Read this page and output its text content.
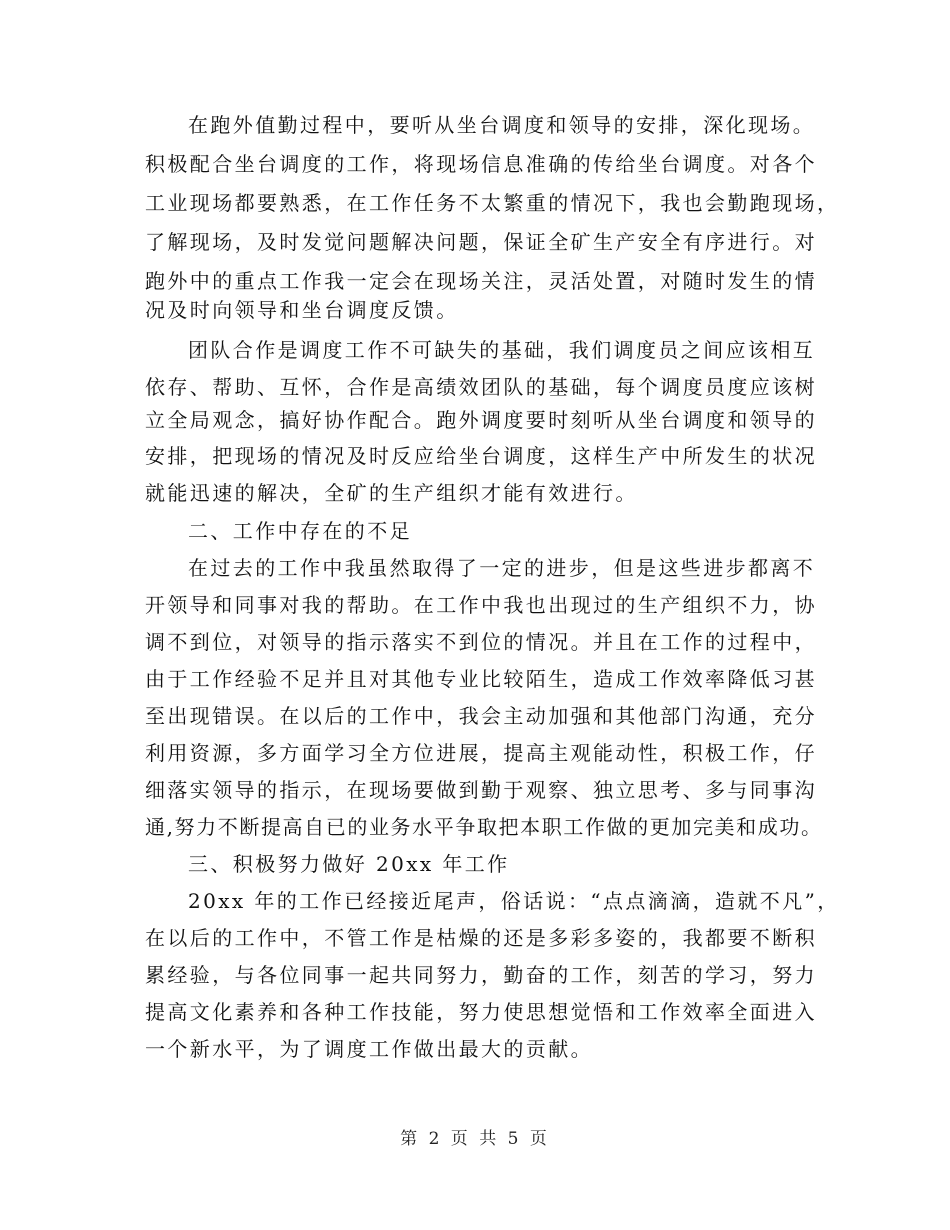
在跑外值勤过程中，要听从坐台调度和领导的安排，深化现场。
积极配合坐台调度的工作，将现场信息准确的传给坐台调度。对各个
工业现场都要熟悉，在工作任务不太繁重的情况下，我也会勤跑现场，
了解现场，及时发觉问题解决问题，保证全矿生产安全有序进行。对
跑外中的重点工作我一定会在现场关注，灵活处置，对随时发生的情
况及时向领导和坐台调度反馈。
团队合作是调度工作不可缺失的基础，我们调度员之间应该相互
依存、帮助、互怀，合作是高绩效团队的基础，每个调度员度应该树
立全局观念，搞好协作配合。跑外调度要时刻听从坐台调度和领导的
安排，把现场的情况及时反应给坐台调度，这样生产中所发生的状况
就能迅速的解决，全矿的生产组织才能有效进行。
二、工作中存在的不足
在过去的工作中我虽然取得了一定的进步，但是这些进步都离不
开领导和同事对我的帮助。在工作中我也出现过的生产组织不力，协
调不到位，对领导的指示落实不到位的情况。并且在工作的过程中，
由于工作经验不足并且对其他专业比较陌生，造成工作效率降低习甚
至出现错误。在以后的工作中，我会主动加强和其他部门沟通，充分
利用资源，多方面学习全方位进展，提高主观能动性，积极工作，仔
细落实领导的指示，在现场要做到勤于观察、独立思考、多与同事沟
通,努力不断提高自已的业务水平争取把本职工作做的更加完美和成功。
三、积极努力做好 20xx 年工作
20xx 年的工作已经接近尾声，俗话说：“点点滴滴，造就不凡”，
在以后的工作中，不管工作是枯燥的还是多彩多姿的，我都要不断积
累经验，与各位同事一起共同努力，勤奋的工作，刻苦的学习，努力
提高文化素养和各种工作技能，努力使思想觉悟和工作效率全面进入
一个新水平，为了调度工作做出最大的贡献。
第 2 页 共 5 页
